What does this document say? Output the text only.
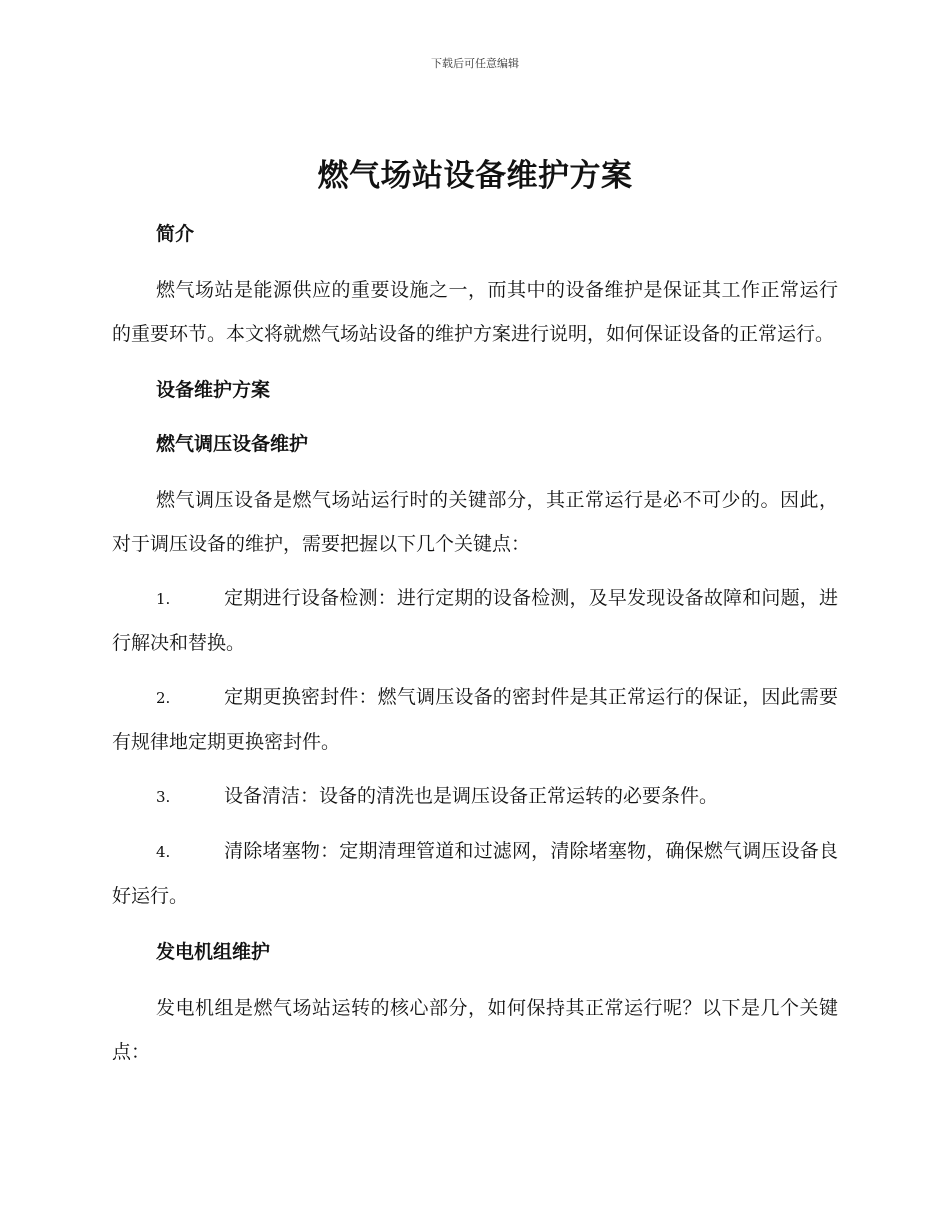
下载后可任意编辑
燃气场站设备维护方案
简介

燃气场站是能源供应的重要设施之一，而其中的设备维护是保证其工作正常运行的重要环节。本文将就燃气场站设备的维护方案进行说明，如何保证设备的正常运行。

设备维护方案
燃气调压设备维护

燃气调压设备是燃气场站运行时的关键部分，其正常运行是必不可少的。因此，对于调压设备的维护，需要把握以下几个关键点：

1.	定期进行设备检测：进行定期的设备检测，及早发现设备故障和问题，进行解决和替换。

2.	定期更换密封件：燃气调压设备的密封件是其正常运行的保证，因此需要有规律地定期更换密封件。

3.	设备清洁：设备的清洗也是调压设备正常运转的必要条件。

4.	清除堵塞物：定期清理管道和过滤网，清除堵塞物，确保燃气调压设备良好运行。

发电机组维护

发电机组是燃气场站运转的核心部分，如何保持其正常运行呢？以下是几个关键点：
